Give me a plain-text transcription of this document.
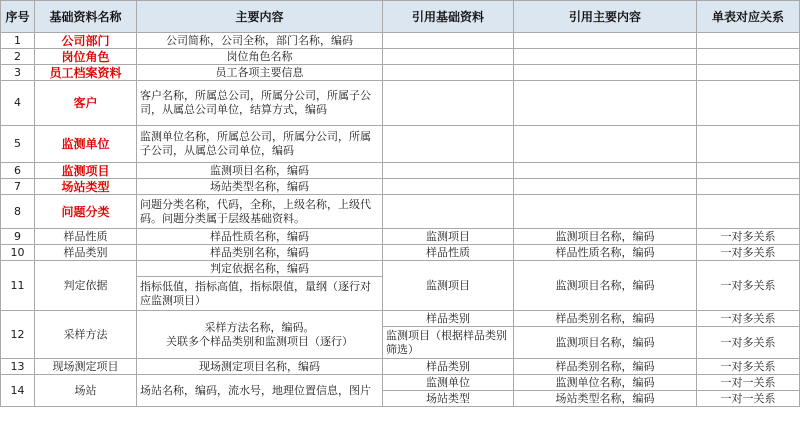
序号	基础资料名称	主要内容	引用基础资料	引用主要内容	单表对应关系
1	公司部门	公司简称，公司全称，部门名称，编码			
2	岗位角色	岗位角色名称			
3	员工档案资料	员工各项主要信息			
4	客户	客户名称，所属总公司，所属分公司，所属子公司，从属总公司单位，结算方式，编码			
5	监测单位	监测单位名称，所属总公司，所属分公司，所属子公司，从属总公司单位，编码			
6	监测项目	监测项目名称，编码			
7	场站类型	场站类型名称，编码			
8	问题分类	问题分类名称，代码，全称，上级名称，上级代码。问题分类属于层级基础资料。			
9	样品性质	样品性质名称，编码	监测项目	监测项目名称，编码	一对多关系
10	样品类别	样品类别名称，编码	样品性质	样品性质名称，编码	一对多关系
11	判定依据	判定依据名称，编码	监测项目	监测项目名称，编码	一对多关系
		指标低值，指标高值，指标限值，量纲（逐行对应监测项目）			
12	采样方法	采样方法名称，编码。
关联多个样品类别和监测项目（逐行）	样品类别	样品类别名称，编码	一对多关系
			监测项目（根据样品类别筛选）	监测项目名称，编码	一对多关系
13	现场测定项目	现场测定项目名称，编码	样品类别	样品类别名称，编码	一对多关系
14	场站	场站名称，编码，流水号，地理位置信息，图片	监测单位	监测单位名称，编码	一对一关系
			场站类型	场站类型名称，编码	一对一关系
